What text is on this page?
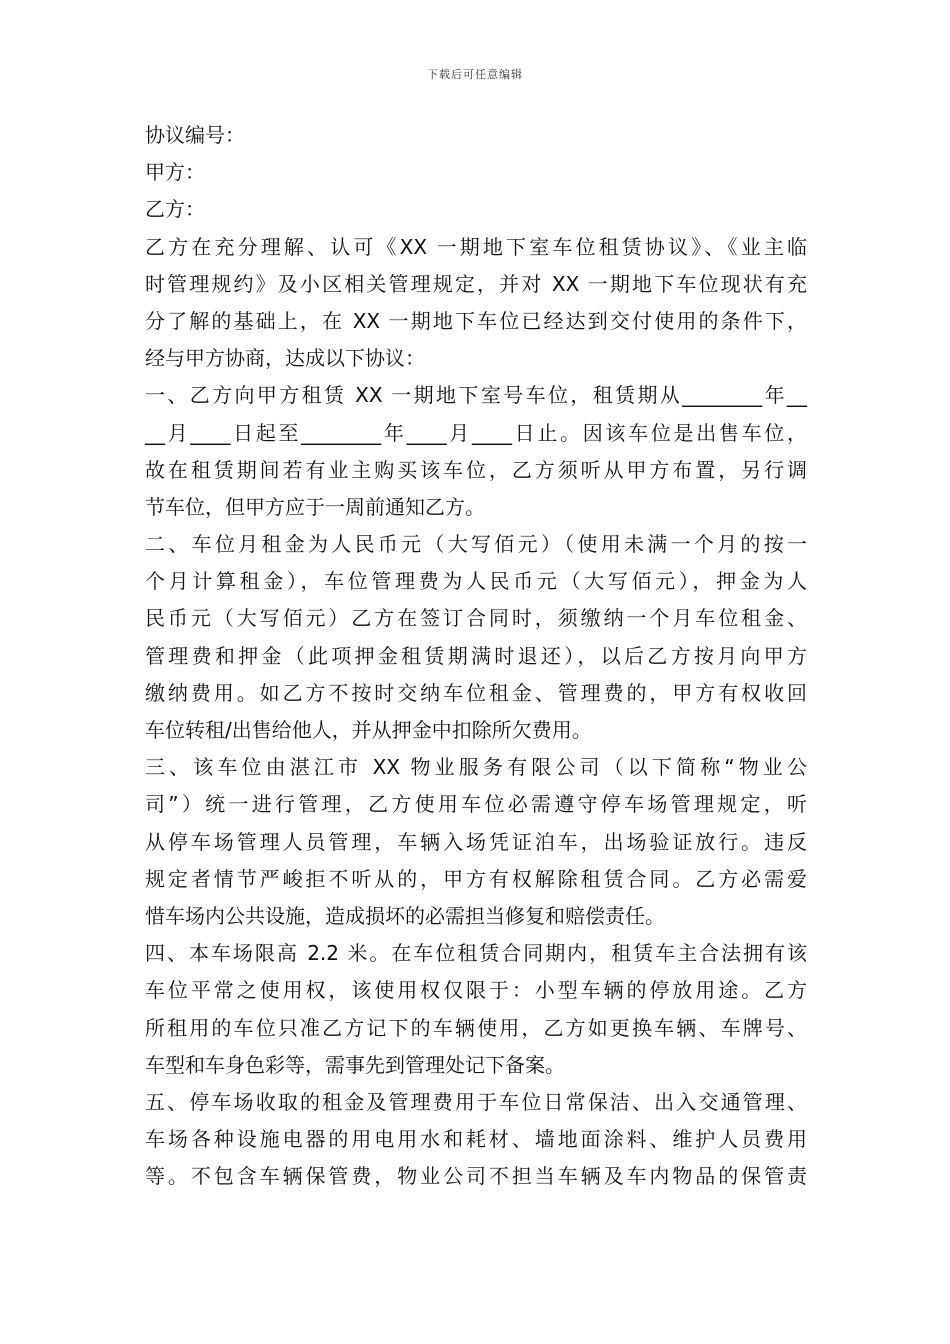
下载后可任意编辑
协议编号：
甲方：
乙方：
乙方在充分理解、认可《XX 一期地下室车位租赁协议》、《业主临
时管理规约》及小区相关管理规定，并对 XX 一期地下车位现状有充
分了解的基础上，在 XX 一期地下车位已经达到交付使用的条件下，
经与甲方协商，达成以下协议：
一、乙方向甲方租赁 XX 一期地下室号车位，租赁期从________年__
__月____日起至________年____月____日止。因该车位是出售车位，
故在租赁期间若有业主购买该车位，乙方须听从甲方布置，另行调
节车位，但甲方应于一周前通知乙方。
二、车位月租金为人民币元（大写佰元）（使用未满一个月的按一
个月计算租金），车位管理费为人民币元（大写佰元），押金为人
民币元（大写佰元）乙方在签订合同时，须缴纳一个月车位租金、
管理费和押金（此项押金租赁期满时退还），以后乙方按月向甲方
缴纳费用。如乙方不按时交纳车位租金、管理费的，甲方有权收回
车位转租/出售给他人，并从押金中扣除所欠费用。
三、该车位由湛江市 XX 物业服务有限公司（以下简称“物业公
司”）统一进行管理，乙方使用车位必需遵守停车场管理规定，听
从停车场管理人员管理，车辆入场凭证泊车，出场验证放行。违反
规定者情节严峻拒不听从的，甲方有权解除租赁合同。乙方必需爱
惜车场内公共设施，造成损坏的必需担当修复和赔偿责任。
四、本车场限高 2.2 米。在车位租赁合同期内，租赁车主合法拥有该
车位平常之使用权，该使用权仅限于：小型车辆的停放用途。乙方
所租用的车位只准乙方记下的车辆使用，乙方如更换车辆、车牌号、
车型和车身色彩等，需事先到管理处记下备案。
五、停车场收取的租金及管理费用于车位日常保洁、出入交通管理、
车场各种设施电器的用电用水和耗材、墙地面涂料、维护人员费用
等。不包含车辆保管费，物业公司不担当车辆及车内物品的保管责
